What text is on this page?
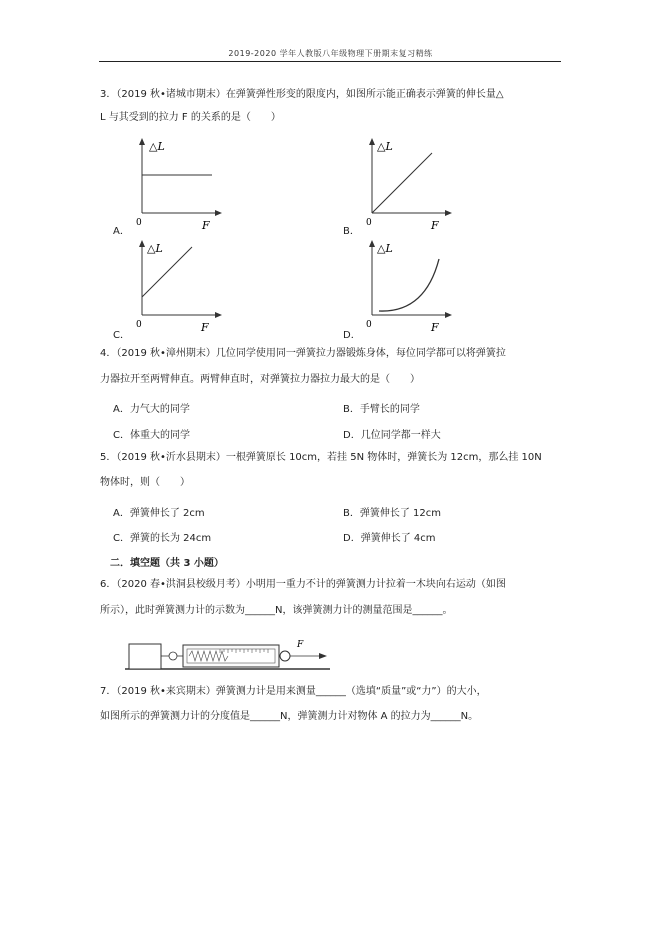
2019-2020 学年人教版八年级物理下册期末复习精练
3．（2019 秋•诸城市期末）在弹簧弹性形变的限度内，如图所示能正确表示弹簧的伸长量△
L 与其受到的拉力 F 的关系的是（　　）
△L
F
0
A．
△L
F
0
B．
△L
F
0
C．
△L
F
0
D．
4．（2019 秋•漳州期末）几位同学使用同一弹簧拉力器锻炼身体，每位同学都可以将弹簧拉
力器拉开至两臂伸直。两臂伸直时，对弹簧拉力器拉力最大的是（　　）
A．力气大的同学	B．手臂长的同学
C．体重大的同学	D．几位同学都一样大
5．（2019 秋•沂水县期末）一根弹簧原长 10cm，若挂 5N 物体时，弹簧长为 12cm，那么挂 10N
物体时，则（　　）
A．弹簧伸长了 2cm	B．弹簧伸长了 12cm
C．弹簧的长为 24cm	D．弹簧伸长了 4cm
二．填空题（共 3 小题）
6．（2020 春•洪洞县校级月考）小明用一重力不计的弹簧测力计拉着一木块向右运动（如图
所示），此时弹簧测力计的示数为______N，该弹簧测力计的测量范围是______。
F
7．（2019 秋•来宾期末）弹簧测力计是用来测量______（选填“质量”或“力”）的大小，
如图所示的弹簧测力计的分度值是______N，弹簧测力计对物体 A 的拉力为______N。
